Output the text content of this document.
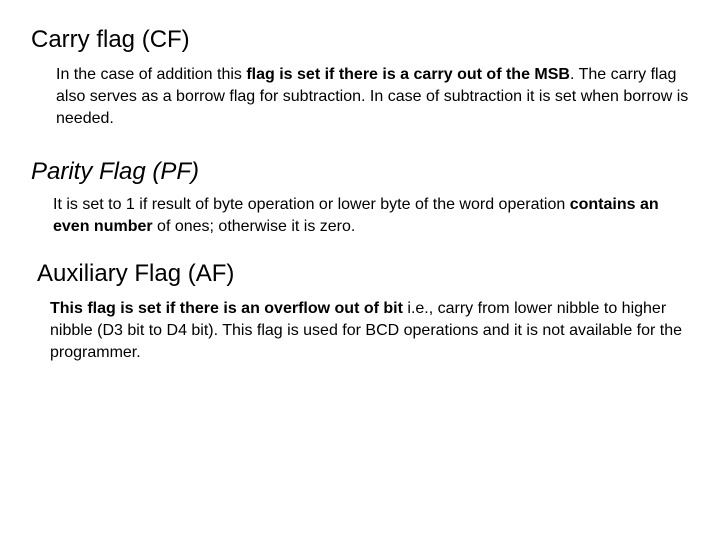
Carry flag (CF)

In the case of addition this flag is set if there is a carry out of the MSB. The carry flag also serves as a borrow flag for subtraction. In case of subtraction it is set when borrow is needed.

Parity Flag (PF)

It is set to 1 if result of byte operation or lower byte of the word operation contains an even number of ones; otherwise it is zero.

Auxiliary Flag (AF)

This flag is set if there is an overflow out of bit i.e., carry from lower nibble to higher nibble (D3 bit to D4 bit). This flag is used for BCD operations and it is not available for the programmer.
